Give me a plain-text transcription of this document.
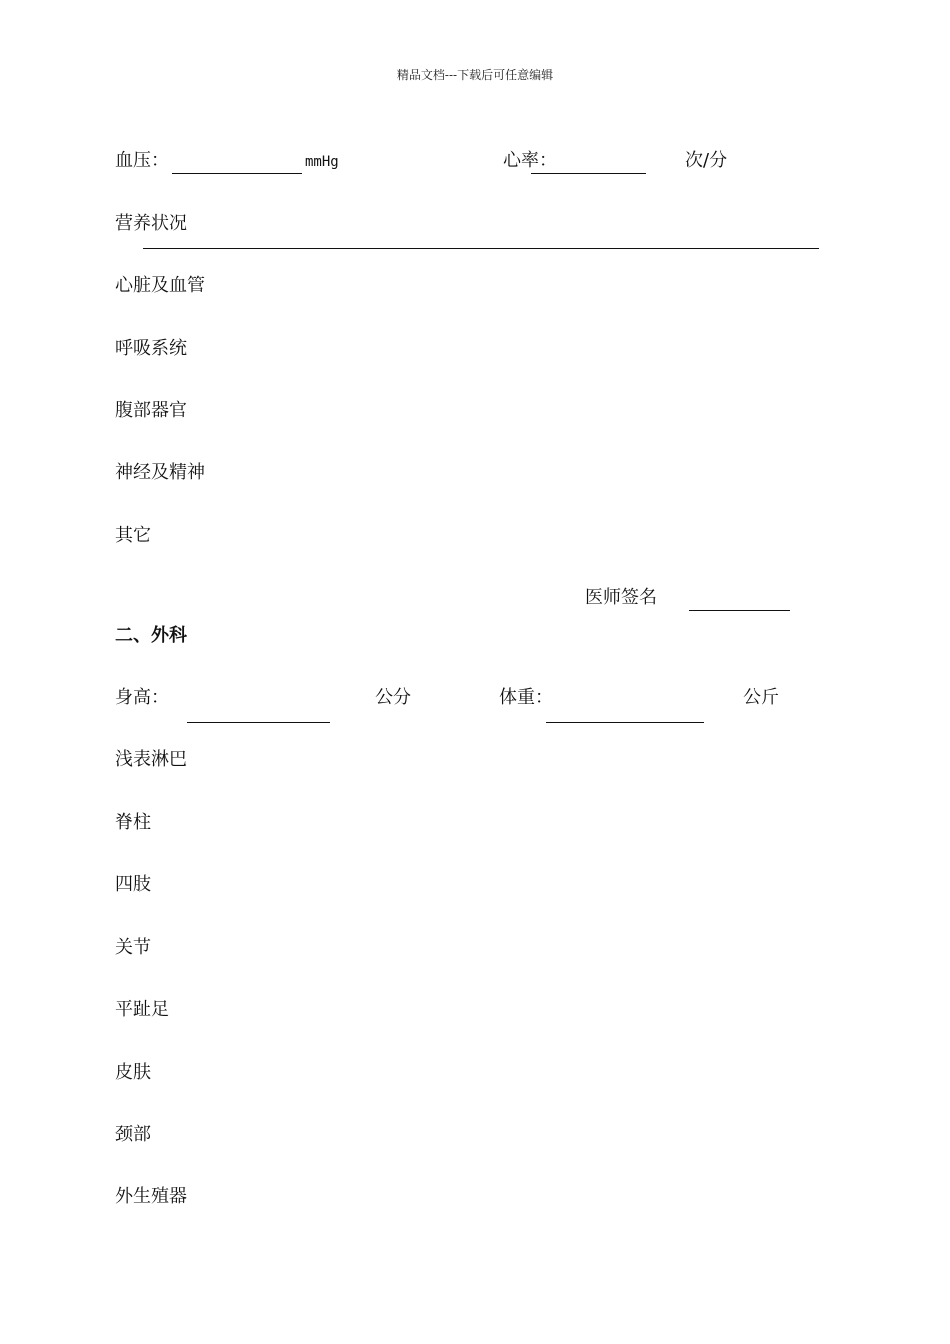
精品文档---下载后可任意编辑
血压：	mmHg	心率：	次/分
营养状况
心脏及血管
呼吸系统
腹部器官
神经及精神
其它
医师签名
二、外科
身高：	公分	体重：	公斤
浅表淋巴
脊柱
四肢
关节
平趾足
皮肤
颈部
外生殖器
